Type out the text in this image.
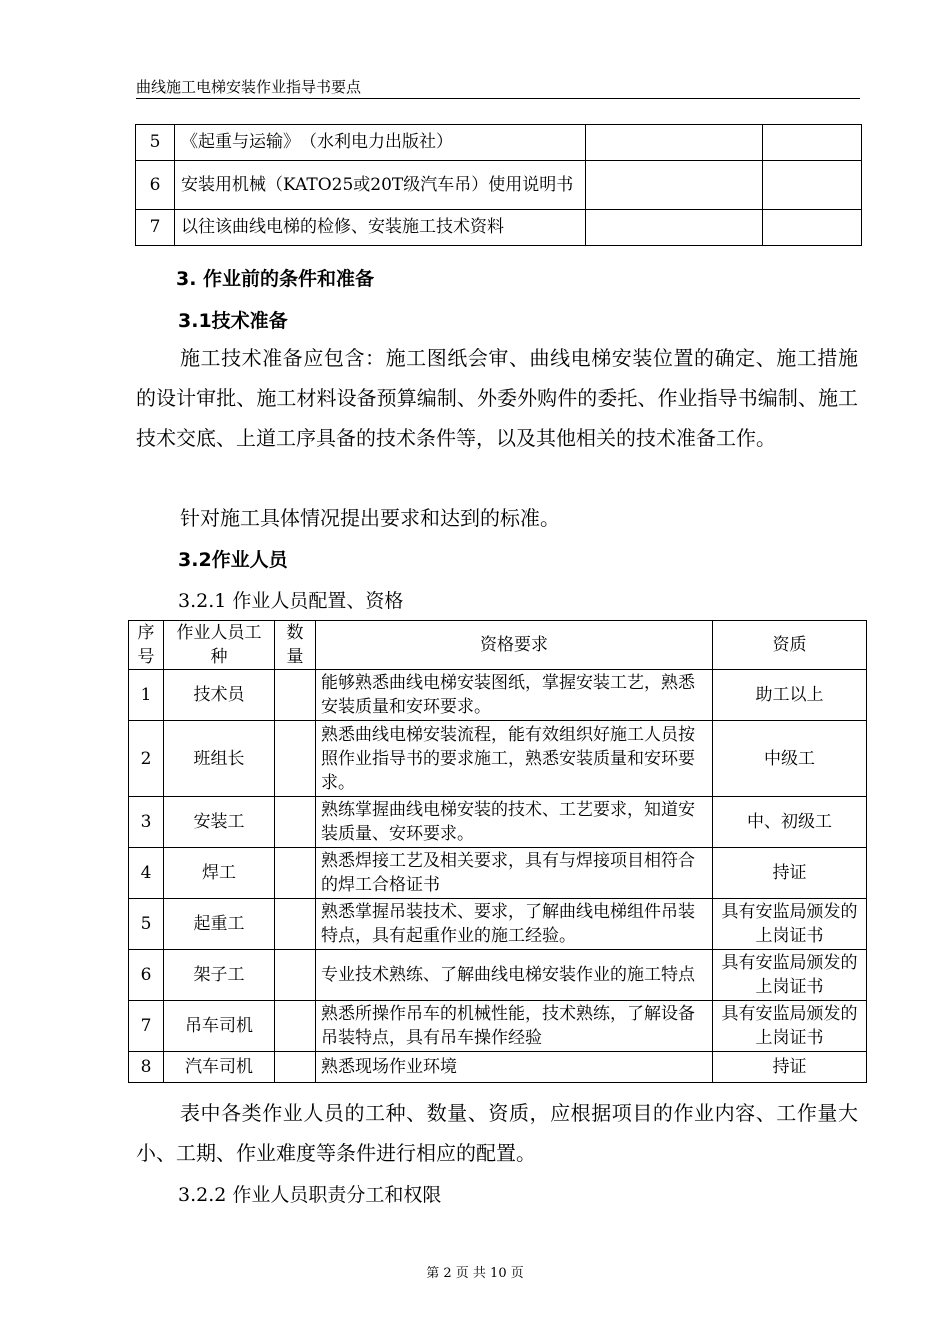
曲线施工电梯安装作业指导书要点
5	《起重与运输》　（水利电力出版社）		
6	安装用机械（KATO25或20T级汽车吊）使用说明书		
7	以往该曲线电梯的检修、安装施工技术资料		
3. 作业前的条件和准备
3.1技术准备

施工技术准备应包含：施工图纸会审、曲线电梯安装位置的确定、施工措施的设计审批、施工材料设备预算编制、外委外购件的委托、作业指导书编制、施工技术交底、上道工序具备的技术条件等，以及其他相关的技术准备工作。

针对施工具体情况提出要求和达到的标准。

3.2作业人员
3.2.1 作业人员配置、资格
序号	作业人员工种	数量	资格要求	资质
1	技术员		能够熟悉曲线电梯安装图纸，掌握安装工艺，熟悉安装质量和安环要求。	助工以上
2	班组长		熟悉曲线电梯安装流程，能有效组织好施工人员按照作业指导书的要求施工，熟悉安装质量和安环要求。	中级工
3	安装工		熟练掌握曲线电梯安装的技术、工艺要求，知道安装质量、安环要求。	中、初级工
4	焊工		熟悉焊接工艺及相关要求，具有与焊接项目相符合的焊工合格证书	持证
5	起重工		熟悉掌握吊装技术、要求，了解曲线电梯组件吊装特点，具有起重作业的施工经验。	具有安监局颁发的上岗证书
6	架子工		专业技术熟练、了解曲线电梯安装作业的施工特点	具有安监局颁发的上岗证书
7	吊车司机		熟悉所操作吊车的机械性能，技术熟练，了解设备吊装特点，具有吊车操作经验	具有安监局颁发的上岗证书
8	汽车司机		熟悉现场作业环境	持证

表中各类作业人员的工种、数量、资质，应根据项目的作业内容、工作量大小、工期、作业难度等条件进行相应的配置。

3.2.2 作业人员职责分工和权限
第 2 页 共 10 页
